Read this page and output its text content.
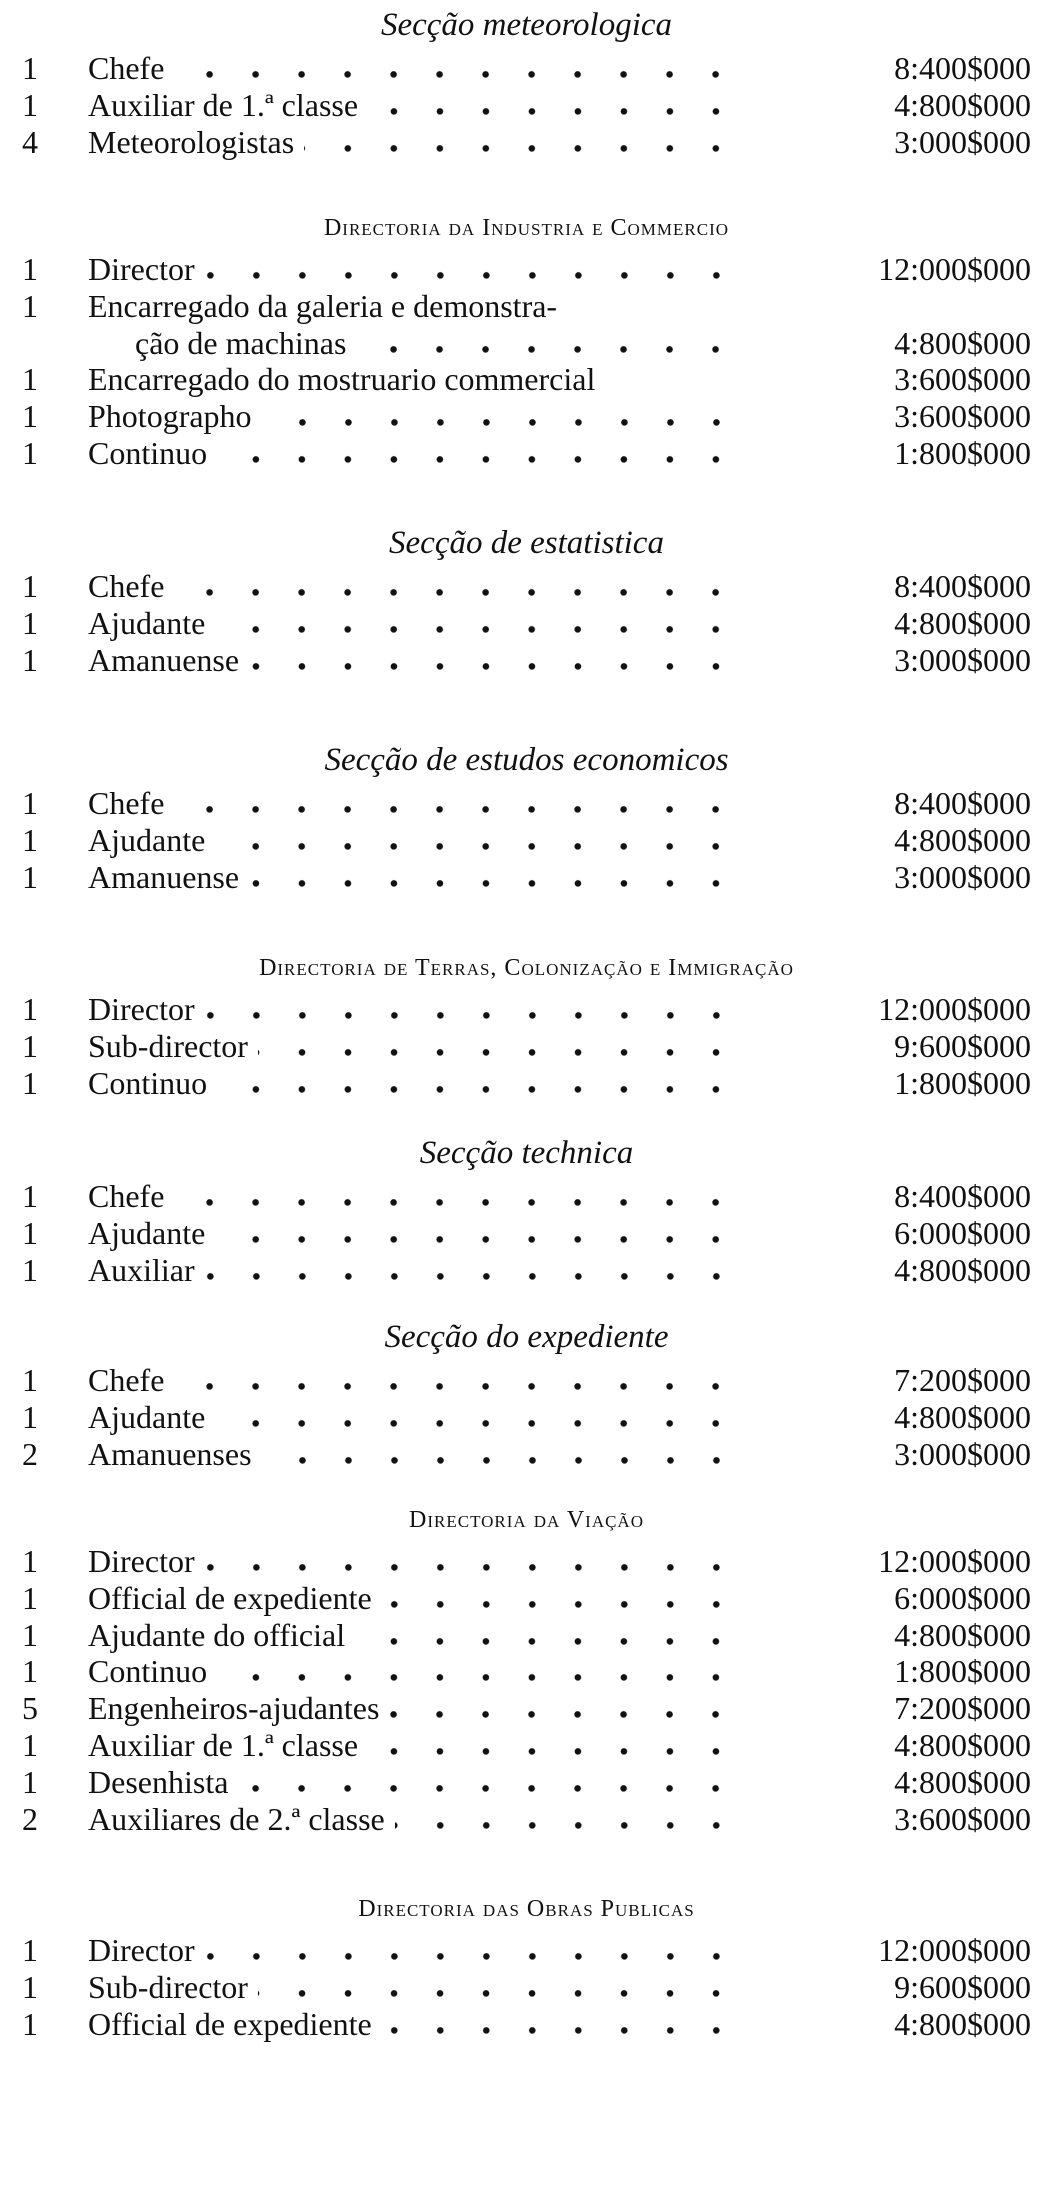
Secção meteorologica
1	Chefe	8:400$000
1	Auxiliar de 1.ª classe	4:800$000
4	Meteorologistas	3:000$000
Directoria da Industria e Commercio
1	Director	12:000$000
1	Encarregado da galeria e demonstra-
ção de machinas	4:800$000
1	Encarregado do mostruario commercial	3:600$000
1	Photographo	3:600$000
1	Continuo	1:800$000
Secção de estatistica
1	Chefe	8:400$000
1	Ajudante	4:800$000
1	Amanuense	3:000$000
Secção de estudos economicos
1	Chefe	8:400$000
1	Ajudante	4:800$000
1	Amanuense	3:000$000
Directoria de Terras, Colonização e Immigração
1	Director	12:000$000
1	Sub-director	9:600$000
1	Continuo	1:800$000
Secção technica
1	Chefe	8:400$000
1	Ajudante	6:000$000
1	Auxiliar	4:800$000
Secção do expediente
1	Chefe	7:200$000
1	Ajudante	4:800$000
2	Amanuenses	3:000$000
Directoria da Viação
1	Director	12:000$000
1	Official de expediente	6:000$000
1	Ajudante do official	4:800$000
1	Continuo	1:800$000
5	Engenheiros-ajudantes	7:200$000
1	Auxiliar de 1.ª classe	4:800$000
1	Desenhista	4:800$000
2	Auxiliares de 2.ª classe	3:600$000
Directoria das Obras Publicas
1	Director	12:000$000
1	Sub-director	9:600$000
1	Official de expediente	4:800$000
